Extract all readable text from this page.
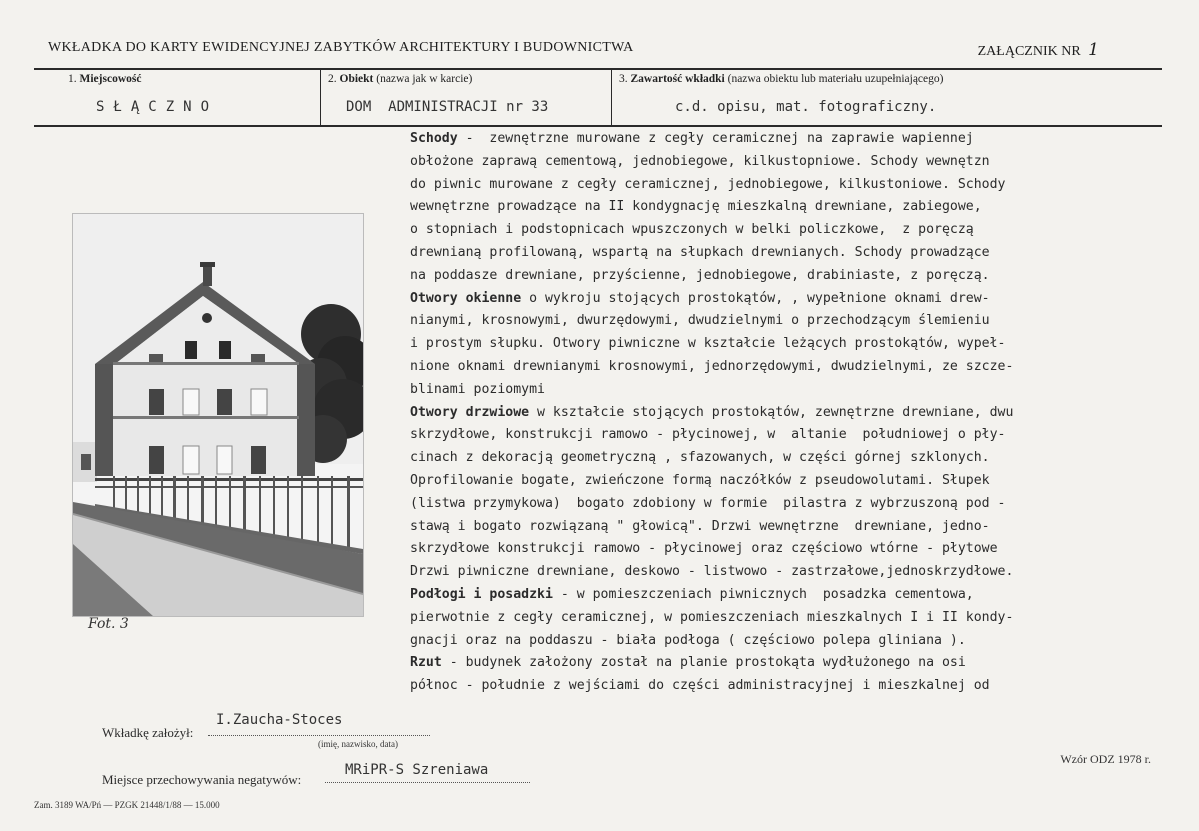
WKŁADKA DO KARTY EWIDENCYJNEJ ZABYTKÓW ARCHITEKTURY I BUDOWNICTWA	ZAŁĄCZNIK NR 1
1. Miejscowość
SŁĄCZNO
2. Obiekt (nazwa jak w karcie)
DOM  ADMINISTRACJI nr 33
3. Zawartość wkładki (nazwa obiektu lub materiału uzupełniającego)
c.d. opisu, mat. fotograficzny.
Fot. 3
Schody -  zewnętrzne murowane z cegły ceramicznej na zaprawie wapiennej
obłożone zaprawą cementową, jednobiegowe, kilkustopniowe. Schody wewnętzn
do piwnic murowane z cegły ceramicznej, jednobiegowe, kilkustoniowe. Schody
wewnętrzne prowadzące na II kondygnację mieszkalną drewniane, zabiegowe,
o stopniach i podstopnicach wpuszczonych w belki policzkowe,  z poręczą
drewnianą profilowaną, wspartą na słupkach drewnianych. Schody prowadzące
na poddasze drewniane, przyścienne, jednobiegowe, drabiniaste, z poręczą.
Otwory okienne o wykroju stojących prostokątów, , wypełnione oknami drew-
nianymi, krosnowymi, dwurzędowymi, dwudzielnymi o przechodzącym ślemieniu
i prostym słupku. Otwory piwniczne w kształcie leżących prostokątów, wypeł-
nione oknami drewnianymi krosnowymi, jednorzędowymi, dwudzielnymi, ze szcze-
blinami poziomymi
Otwory drzwiowe w kształcie stojących prostokątów, zewnętrzne drewniane, dwu
skrzydłowe, konstrukcji ramowo - płycinowej, w  altanie  południowej o pły-
cinach z dekoracją geometryczną , sfazowanych, w części górnej szklonych.
Oprofilowanie bogate, zwieńczone formą naczółków z pseudowolutami. Słupek
(listwa przymykowa)  bogato zdobiony w formie  pilastra z wybrzuszoną pod -
stawą i bogato rozwiązaną " głowicą". Drzwi wewnętrzne  drewniane, jedno-
skrzydłowe konstrukcji ramowo - płycinowej oraz częściowo wtórne - płytowe
Drzwi piwniczne drewniane, deskowo - listwowo - zastrzałowe,jednoskrzydłowe.
Podłogi i posadzki - w pomieszczeniach piwnicznych  posadzka cementowa,
pierwotnie z cegły ceramicznej, w pomieszczeniach mieszkalnych I i II kondy-
gnacji oraz na poddaszu - biała podłoga ( częściowo polepa gliniana ).
Rzut - budynek założony został na planie prostokąta wydłużonego na osi
północ - południe z wejściami do części administracyjnej i mieszkalnej od
Wkładkę założył:
I.Zaucha-Stoces
(imię, nazwisko, data)
Miejsce przechowywania negatywów:
MRiPR-S Szreniawa
Wzór ODZ 1978 r.
Zam. 3189 WA/Pń — PZGK 21448/1/88 — 15.000
